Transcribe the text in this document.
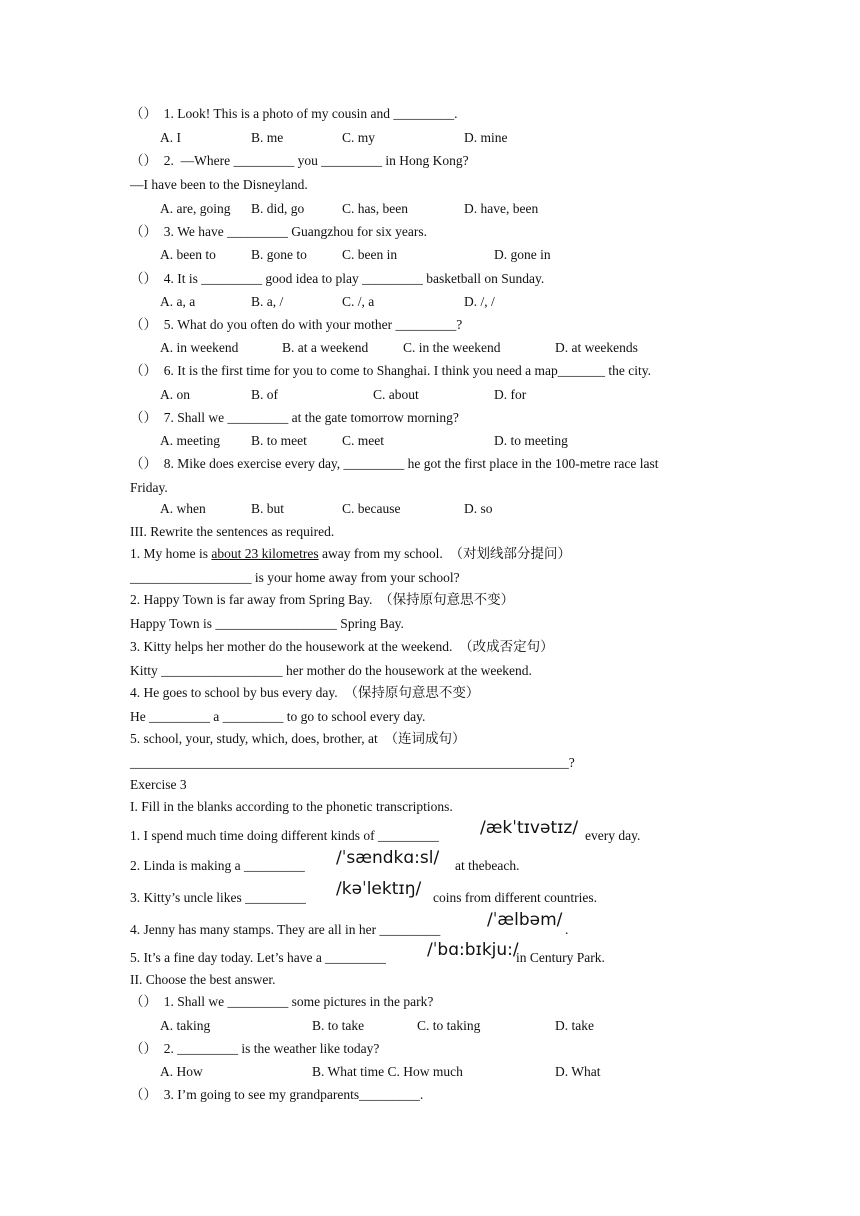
（）  1. Look! This is a photo of my cousin and _________.
A. I	B. me	C. my	D. mine
（）  2.  —Where _________ you _________ in Hong Kong?
—I have been to the Disneyland.
A. are, going B. did, go	C. has, been	D. have, been
（）  3. We have _________ Guangzhou for six years.
A. been to	B. gone to	C. been in	D. gone in
（）  4. It is _________ good idea to play _________ basketball on Sunday.
A. a, a	B. a, /	C. /, a	D. /, /
（）  5. What do you often do with your mother _________?
A. in weekend	B. at a weekend	C. in the weekend	D. at weekends
（）  6. It is the first time for you to come to Shanghai. I think you need a map_______ the city.
A. on	B. of	C. about	D. for
（）  7. Shall we _________ at the gate tomorrow morning?
A. meeting B. to meet	C. meet	D. to meeting
（）  8. Mike does exercise every day, _________ he got the first place in the 100-metre race last
Friday.
A. when	B. but	C. because	D. so
III. Rewrite the sentences as required.
1. My home is about 23 kilometres away from my school.  （对划线部分提问）
__________________ is your home away from your school?
2. Happy Town is far away from Spring Bay.  （保持原句意思不变）
Happy Town is __________________ Spring Bay.
3. Kitty helps her mother do the housework at the weekend.  （改成否定句）
Kitty __________________ her mother do the housework at the weekend.
4. He goes to school by bus every day.  （保持原句意思不变）
He _________ a _________ to go to school every day.
5. school, your, study, which, does, brother, at  （连词成句）
_________________________________________________________________?
Exercise 3
I. Fill in the blanks according to the phonetic transcriptions.
1. I spend much time doing different kinds of _________ /ækˈtɪvətɪz/ every day.
2. Linda is making a _________ /ˈsændkɑ:sl/ at thebeach.
3. Kitty’s uncle likes _________ /kəˈlektɪŋ/ coins from different countries.
4. Jenny has many stamps. They are all in her _________	/ˈælbəm/ .
5. It’s a fine day today. Let’s have a _________ /ˈbɑ:bɪkju:/
in Century Park.
II. Choose the best answer.
（）  1. Shall we _________ some pictures in the park?
A. taking	B. to take	C. to taking	D. take
（）  2. _________ is the weather like today?
A. How	B. What time C. How much	D. What
（）  3. I’m going to see my grandparents_________.
